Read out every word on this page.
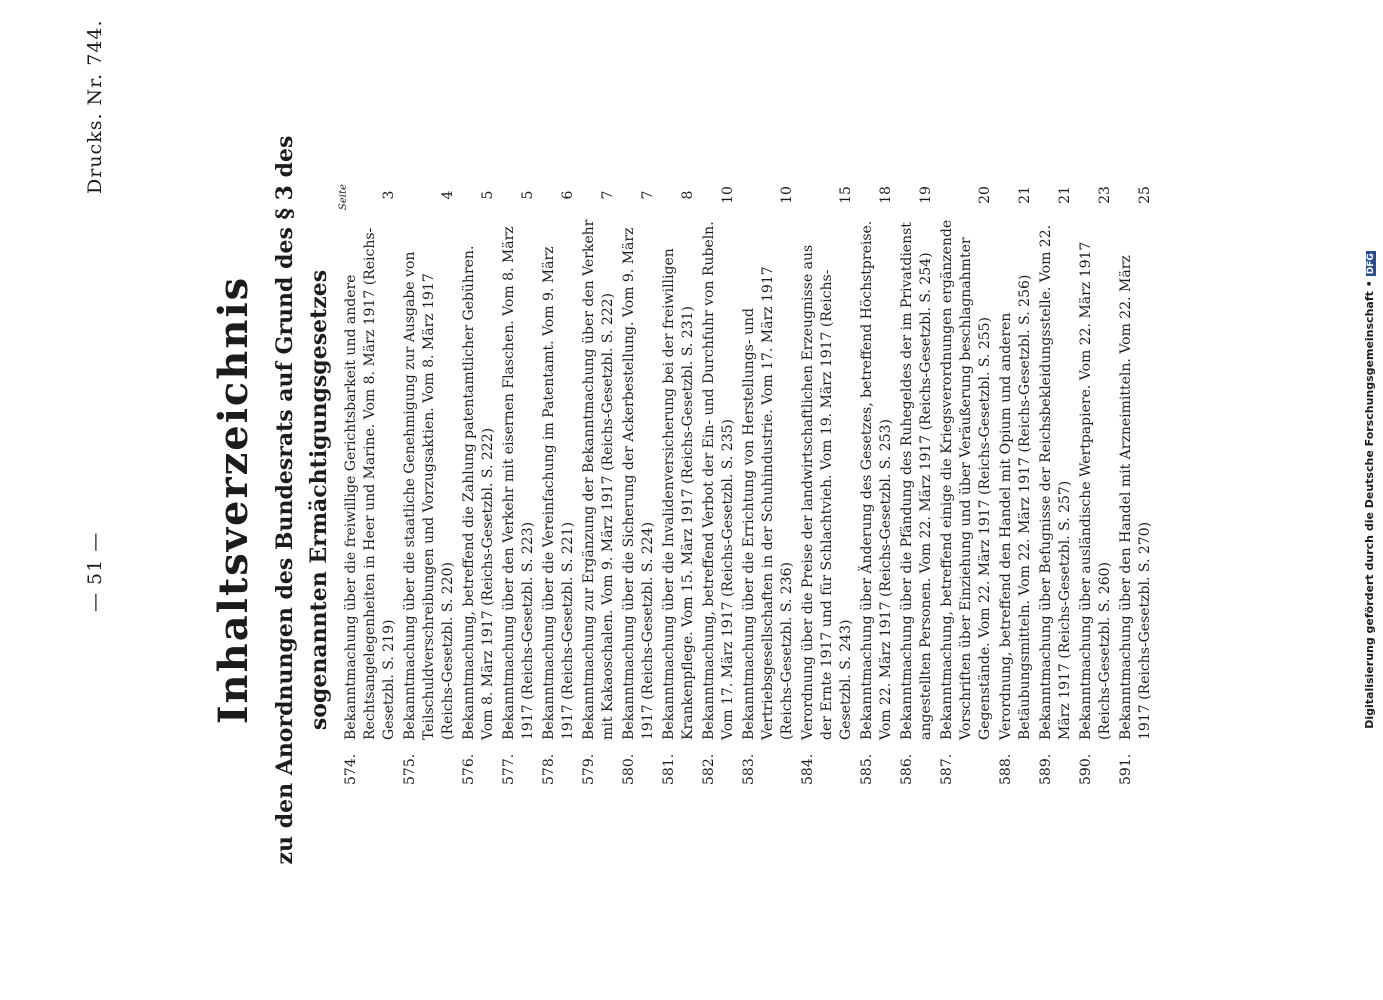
— 51 —
Drucks. Nr. 744.
Inhaltsverzeichnis zu den Anordnungen des Bundesrats auf Grund des § 3 des sogenannten Ermächtigungsgesetzes
Seite
574.
Bekanntmachung über die freiwillige Gerichtsbarkeit und andere Rechtsangelegenheiten in Heer und Marine. Vom 8. März 1917 (Reichs-Gesetzbl. S. 219)
3
575.
Bekanntmachung über die staatliche Genehmigung zur Ausgabe von Teilschuldverschreibungen und Vorzugsaktien. Vom 8. März 1917 (Reichs-Gesetzbl. S. 220)
4
576.
Bekanntmachung, betreffend die Zahlung patentamtlicher Gebühren. Vom 8. März 1917 (Reichs-Gesetzbl. S. 222)
5
577.
Bekanntmachung über den Verkehr mit eisernen Flaschen. Vom 8. März 1917 (Reichs-Gesetzbl. S. 223)
5
578.
Bekanntmachung über die Vereinfachung im Patentamt. Vom 9. März 1917 (Reichs-Gesetzbl. S. 221)
6
579.
Bekanntmachung zur Ergänzung der Bekanntmachung über den Verkehr mit Kakaoschalen. Vom 9. März 1917 (Reichs-Gesetzbl. S. 222)
7
580.
Bekanntmachung über die Sicherung der Ackerbestellung. Vom 9. März 1917 (Reichs-Gesetzbl. S. 224)
7
581.
Bekanntmachung über die Invalidenversicherung bei der freiwilligen Krankenpflege. Vom 15. März 1917 (Reichs-Gesetzbl. S. 231)
8
582.
Bekanntmachung, betreffend Verbot der Ein- und Durchfuhr von Rubeln. Vom 17. März 1917 (Reichs-Gesetzbl. S. 235)
10
583.
Bekanntmachung über die Errichtung von Herstellungs- und Vertriebsgesellschaften in der Schuhindustrie. Vom 17. März 1917 (Reichs-Gesetzbl. S. 236)
10
584.
Verordnung über die Preise der landwirtschaftlichen Erzeugnisse aus der Ernte 1917 und für Schlachtvieh. Vom 19. März 1917 (Reichs-Gesetzbl. S. 243)
15
585.
Bekanntmachung über Änderung des Gesetzes, betreffend Höchstpreise. Vom 22. März 1917 (Reichs-Gesetzbl. S. 253)
18
586.
Bekanntmachung über die Pfändung des Ruhegeldes der im Privatdienst angestellten Personen. Vom 22. März 1917 (Reichs-Gesetzbl. S. 254)
19
587.
Bekanntmachung, betreffend einige die Kriegsverordnungen ergänzende Vorschriften über Einziehung und über Veräußerung beschlagnahmter Gegenstände. Vom 22. März 1917 (Reichs-Gesetzbl. S. 255)
20
588.
Verordnung, betreffend den Handel mit Opium und anderen Betäubungsmitteln. Vom 22. März 1917 (Reichs-Gesetzbl. S. 256)
21
589.
Bekanntmachung über Befugnisse der Reichsbekleidungsstelle. Vom 22. März 1917 (Reichs-Gesetzbl. S. 257)
21
590.
Bekanntmachung über ausländische Wertpapiere. Vom 22. März 1917 (Reichs-Gesetzbl. S. 260)
23
591.
Bekanntmachung über den Handel mit Arzneimitteln. Vom 22. März 1917 (Reichs-Gesetzbl. S. 270)
25
Digitalisierung gefördert durch die Deutsche Forschungsgemeinschaft •DFG
